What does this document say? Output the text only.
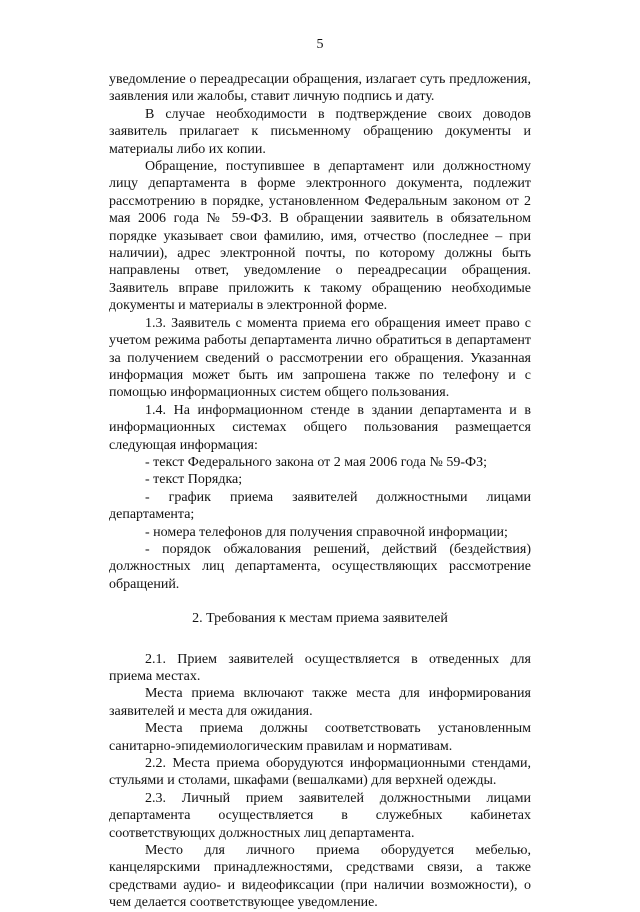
5

уведомление о переадресации обращения, излагает суть предложения, заявления или жалобы, ставит личную подпись и дату.

В случае необходимости в подтверждение своих доводов заявитель прилагает к письменному обращению документы и материалы либо их копии.

Обращение, поступившее в департамент или должностному лицу департамента в форме электронного документа, подлежит рассмотрению в порядке, установленном Федеральным законом от 2 мая 2006 года № 59-ФЗ. В обращении заявитель в обязательном порядке указывает свои фамилию, имя, отчество (последнее – при наличии), адрес электронной почты, по которому должны быть направлены ответ, уведомление о переадресации обращения. Заявитель вправе приложить к такому обращению необходимые документы и материалы в электронной форме.

1.3. Заявитель с момента приема его обращения имеет право с учетом режима работы департамента лично обратиться в департамент за получением сведений о рассмотрении его обращения. Указанная информация может быть им запрошена также по телефону и с помощью информационных систем общего пользования.

1.4. На информационном стенде в здании департамента и в информационных системах общего пользования размещается следующая информация:

- текст Федерального закона от 2 мая 2006 года № 59-ФЗ;

- текст Порядка;

- график приема заявителей должностными лицами департамента;

- номера телефонов для получения справочной информации;

- порядок обжалования решений, действий (бездействия) должностных лиц департамента, осуществляющих рассмотрение обращений.

2. Требования к местам приема заявителей

2.1. Прием заявителей осуществляется в отведенных для приема местах.

Места приема включают также места для информирования заявителей и места для ожидания.

Места приема должны соответствовать установленным санитарно-эпидемиологическим правилам и нормативам.

2.2. Места приема оборудуются информационными стендами, стульями и столами, шкафами (вешалками) для верхней одежды.

2.3. Личный прием заявителей должностными лицами департамента осуществляется в служебных кабинетах соответствующих должностных лиц департамента.

Место для личного приема оборудуется мебелью, канцелярскими принадлежностями, средствами связи, а также средствами аудио- и видеофиксации (при наличии возможности), о чем делается соответствующее уведомление.
